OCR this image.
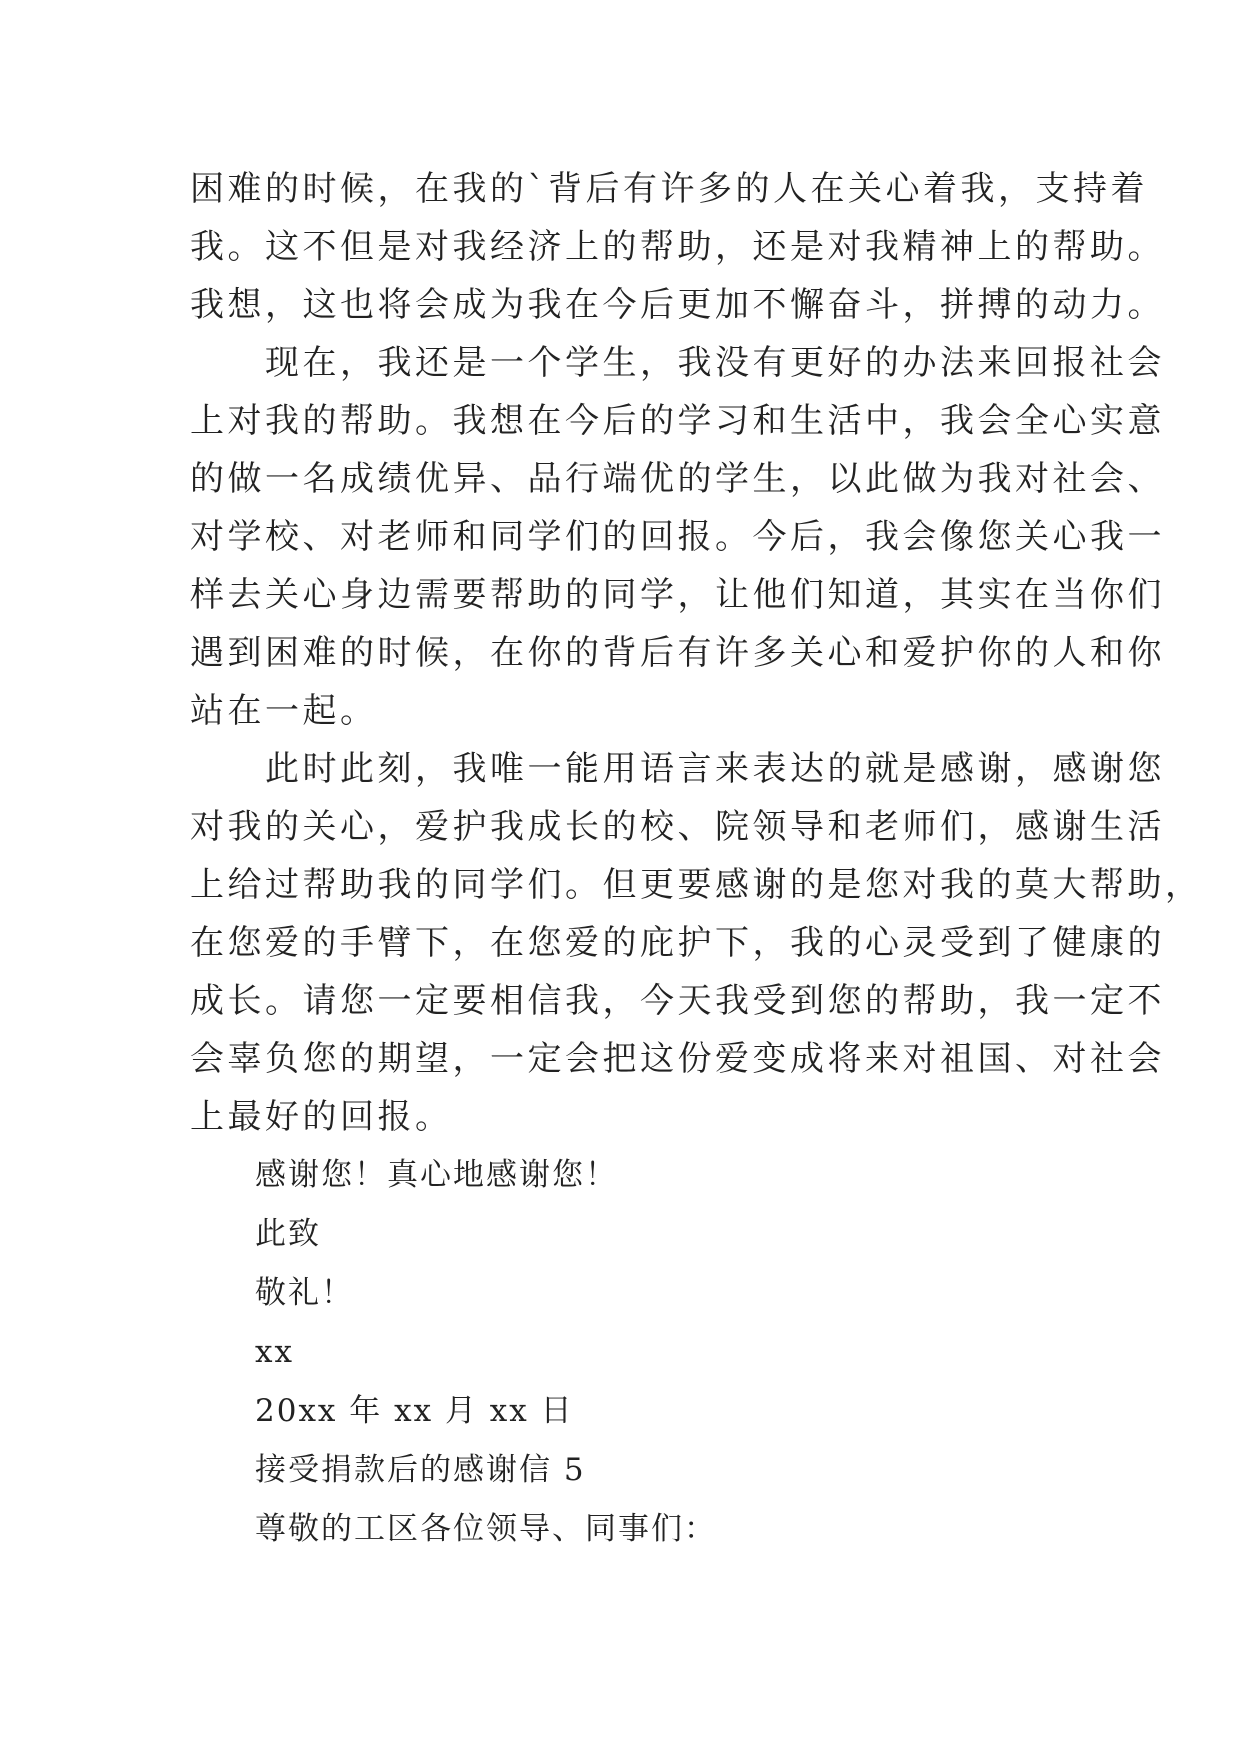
困难的时候，在我的`背后有许多的人在关心着我，支持着
我。这不但是对我经济上的帮助，还是对我精神上的帮助。
我想，这也将会成为我在今后更加不懈奋斗，拼搏的动力。
　　现在，我还是一个学生，我没有更好的办法来回报社会
上对我的帮助。我想在今后的学习和生活中，我会全心实意
的做一名成绩优异、品行端优的学生，以此做为我对社会、
对学校、对老师和同学们的回报。今后，我会像您关心我一
样去关心身边需要帮助的同学，让他们知道，其实在当你们
遇到困难的时候，在你的背后有许多关心和爱护你的人和你
站在一起。
　　此时此刻，我唯一能用语言来表达的就是感谢，感谢您
对我的关心，爱护我成长的校、院领导和老师们，感谢生活
上给过帮助我的同学们。但更要感谢的是您对我的莫大帮助，
在您爱的手臂下，在您爱的庇护下，我的心灵受到了健康的
成长。请您一定要相信我，今天我受到您的帮助，我一定不
会辜负您的期望，一定会把这份爱变成将来对祖国、对社会
上最好的回报。
感谢您！真心地感谢您！
此致
敬礼！
xx
20xx 年 xx 月 xx 日
接受捐款后的感谢信 5
尊敬的工区各位领导、同事们：
